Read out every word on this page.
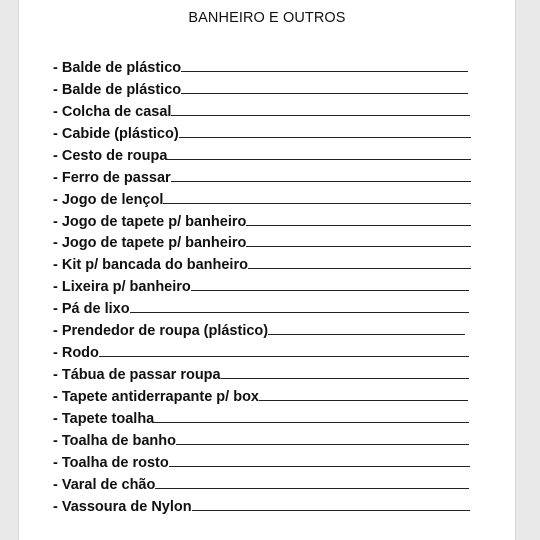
BANHEIRO E OUTROS
- Balde de plástico
- Balde de plástico
- Colcha de casal
- Cabide (plástico)
- Cesto de roupa
- Ferro de passar
- Jogo de lençol
- Jogo de tapete p/ banheiro
- Jogo de tapete p/ banheiro
- Kit p/ bancada do banheiro
- Lixeira p/ banheiro
- Pá de lixo
- Prendedor de roupa (plástico)
- Rodo
- Tábua de passar roupa
- Tapete antiderrapante p/ box
- Tapete toalha
- Toalha de banho
- Toalha de rosto
- Varal de chão
- Vassoura de Nylon
